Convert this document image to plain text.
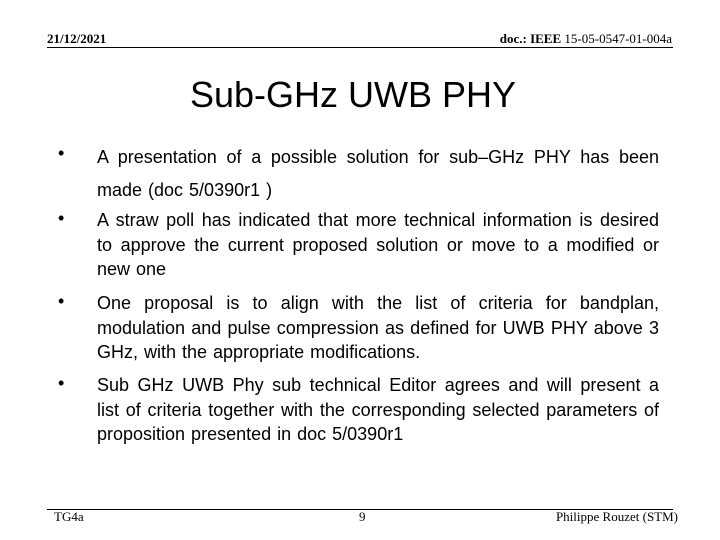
21/12/2021	doc.: IEEE 15-05-0547-01-004a
Sub-GHz UWB PHY
• A presentation of a possible solution for sub–GHz PHY has been made (doc 5/0390r1 )
• A straw poll has indicated that more technical information is desired to approve the current proposed solution or move to a modified or new one
• One proposal is to align with the list of criteria for bandplan, modulation and pulse compression as defined for UWB PHY above 3 GHz, with the appropriate modifications.
• Sub GHz UWB Phy sub technical Editor agrees and will present a list of criteria together with the corresponding selected parameters of proposition presented in doc 5/0390r1
TG4a	9	Philippe Rouzet (STM)
